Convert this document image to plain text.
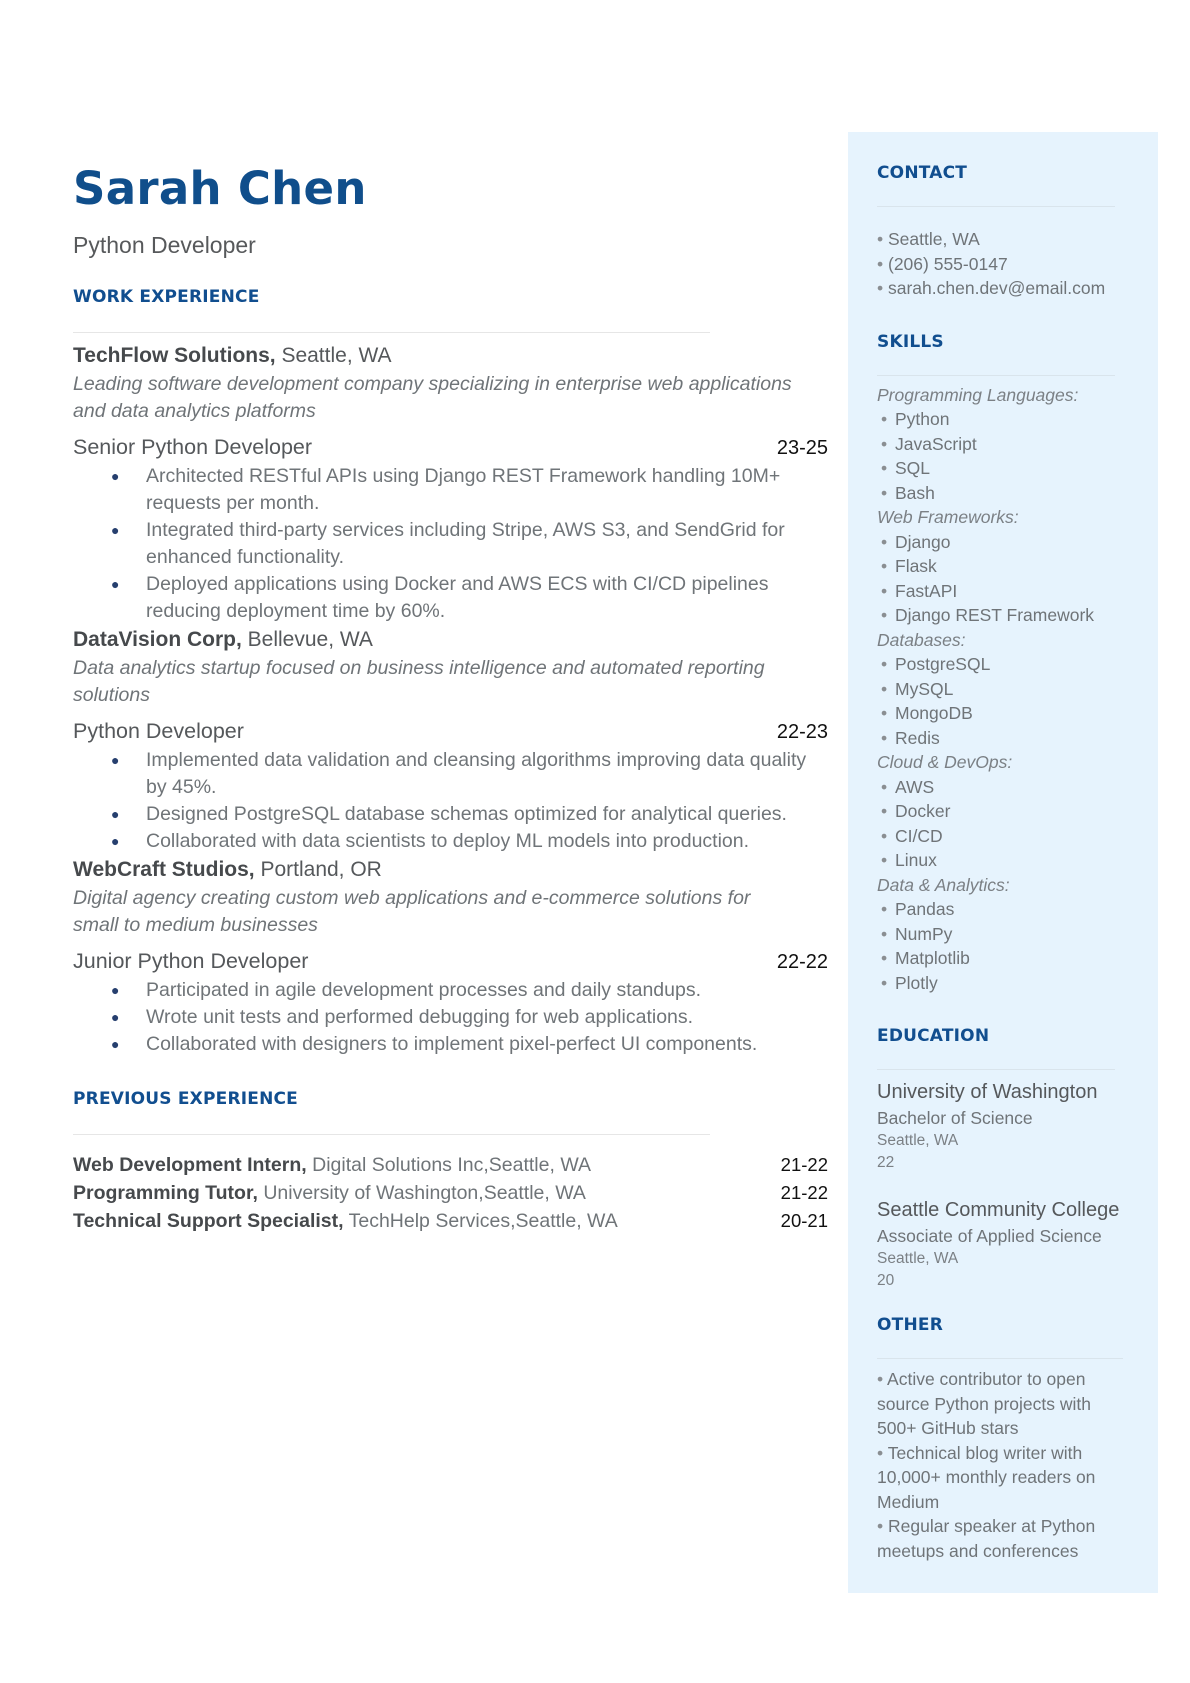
Sarah Chen
Python Developer
WORK EXPERIENCE
TechFlow Solutions, Seattle, WA
Leading software development company specializing in enterprise web applications and data analytics platforms
Senior Python Developer	23-25
● Architected RESTful APIs using Django REST Framework handling 10M+ requests per month.
● Integrated third-party services including Stripe, AWS S3, and SendGrid for enhanced functionality.
● Deployed applications using Docker and AWS ECS with CI/CD pipelines reducing deployment time by 60%.
DataVision Corp, Bellevue, WA
Data analytics startup focused on business intelligence and automated reporting solutions
Python Developer	22-23
● Implemented data validation and cleansing algorithms improving data quality by 45%.
● Designed PostgreSQL database schemas optimized for analytical queries.
● Collaborated with data scientists to deploy ML models into production.
WebCraft Studios, Portland, OR
Digital agency creating custom web applications and e-commerce solutions for small to medium businesses
Junior Python Developer	22-22
● Participated in agile development processes and daily standups.
● Wrote unit tests and performed debugging for web applications.
● Collaborated with designers to implement pixel-perfect UI components.
PREVIOUS EXPERIENCE
Web Development Intern, Digital Solutions Inc,Seattle, WA	21-22
Programming Tutor, University of Washington,Seattle, WA	21-22
Technical Support Specialist, TechHelp Services,Seattle, WA	20-21
CONTACT
• Seattle, WA
• (206) 555-0147
• sarah.chen.dev@email.com
SKILLS
Programming Languages:
• Python
• JavaScript
• SQL
• Bash
Web Frameworks:
• Django
• Flask
• FastAPI
• Django REST Framework
Databases:
• PostgreSQL
• MySQL
• MongoDB
• Redis
Cloud & DevOps:
• AWS
• Docker
• CI/CD
• Linux
Data & Analytics:
• Pandas
• NumPy
• Matplotlib
• Plotly
EDUCATION
University of Washington
Bachelor of Science
Seattle, WA
22
Seattle Community College
Associate of Applied Science
Seattle, WA
20
OTHER
• Active contributor to open source Python projects with 500+ GitHub stars
• Technical blog writer with 10,000+ monthly readers on Medium
• Regular speaker at Python meetups and conferences
